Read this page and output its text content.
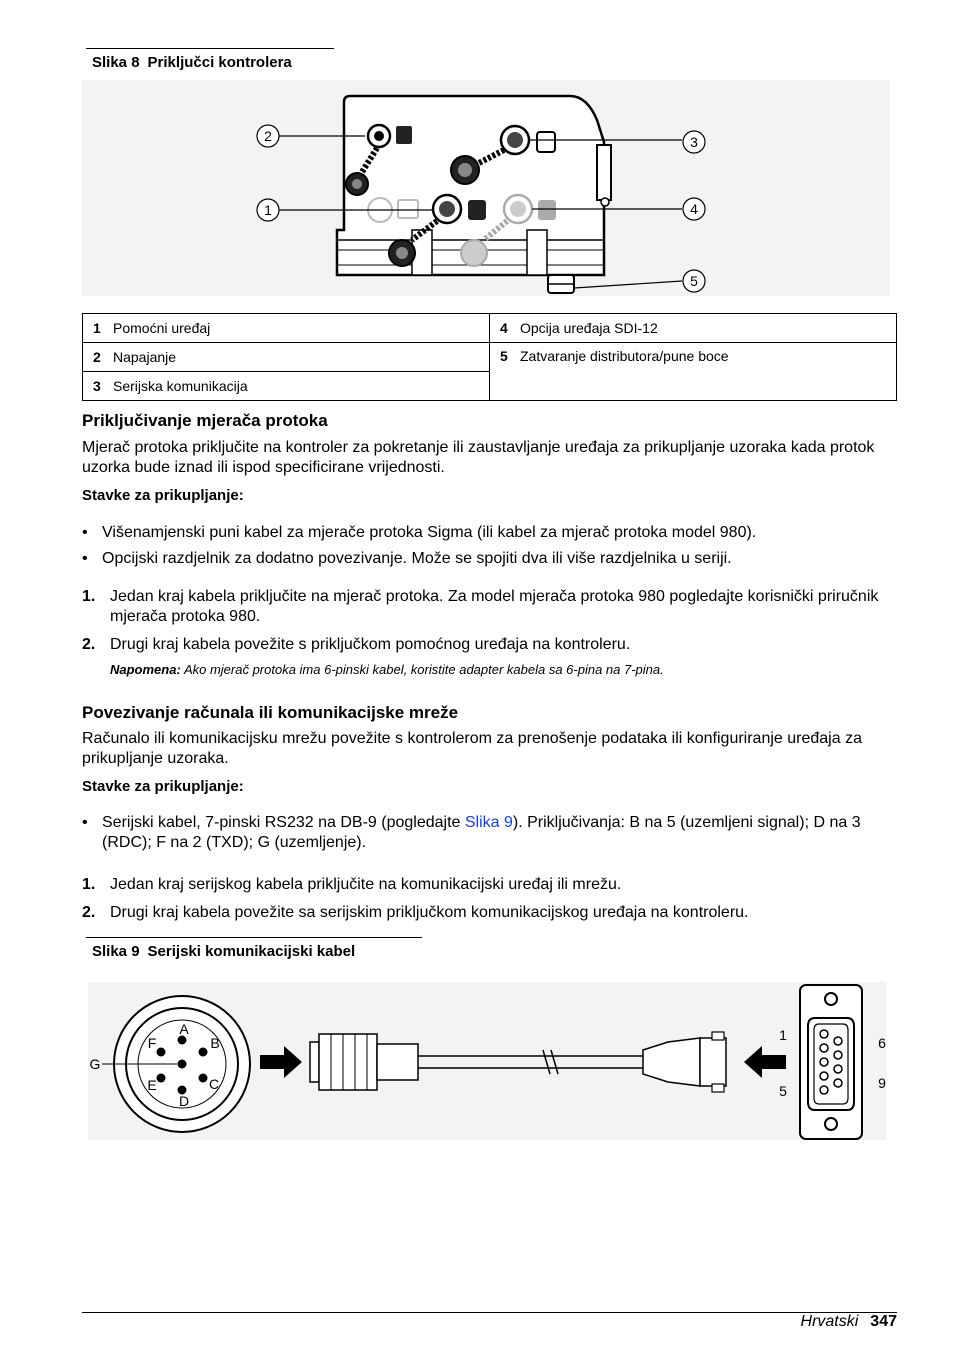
Slika 8 Priključci kontrolera
2
1
3
4
5
1 Pomoćni uređaj	4 Opcija uređaja SDI-12
2 Napajanje	5 Zatvaranje distributora/pune boce
3 Serijska komunikacija	
Priključivanje mjerača protoka

Mjerač protoka priključite na kontroler za pokretanje ili zaustavljanje uređaja za prikupljanje uzoraka kada protok uzorka bude iznad ili ispod specificirane vrijednosti.

Stavke za prikupljanje:

• Višenamjenski puni kabel za mjerače protoka Sigma (ili kabel za mjerač protoka model 980).
• Opcijski razdjelnik za dodatno povezivanje. Može se spojiti dva ili više razdjelnika u seriji.
1. Jedan kraj kabela priključite na mjerač protoka. Za model mjerača protoka 980 pogledajte korisnički priručnik mjerača protoka 980.
2. Drugi kraj kabela povežite s priključkom pomoćnog uređaja na kontroleru.

Napomena: Ako mjerač protoka ima 6-pinski kabel, koristite adapter kabela sa 6-pina na 7-pina.

Povezivanje računala ili komunikacijske mreže

Računalo ili komunikacijsku mrežu povežite s kontrolerom za prenošenje podataka ili konfiguriranje uređaja za prikupljanje uzoraka.

Stavke za prikupljanje:

• Serijski kabel, 7-pinski RS232 na DB-9 (pogledajte Slika 9). Priključivanja: B na 5 (uzemljeni signal); D na 3 (RDC); F na 2 (TXD); G (uzemljenje).
1. Jedan kraj serijskog kabela priključite na komunikacijski uređaj ili mrežu.
2. Drugi kraj kabela povežite sa serijskim priključkom komunikacijskog uređaja na kontroleru.
Slika 9 Serijski komunikacijski kabel
A
B
C
D
E
F
G
1
5
6
9
Hrvatski 347
